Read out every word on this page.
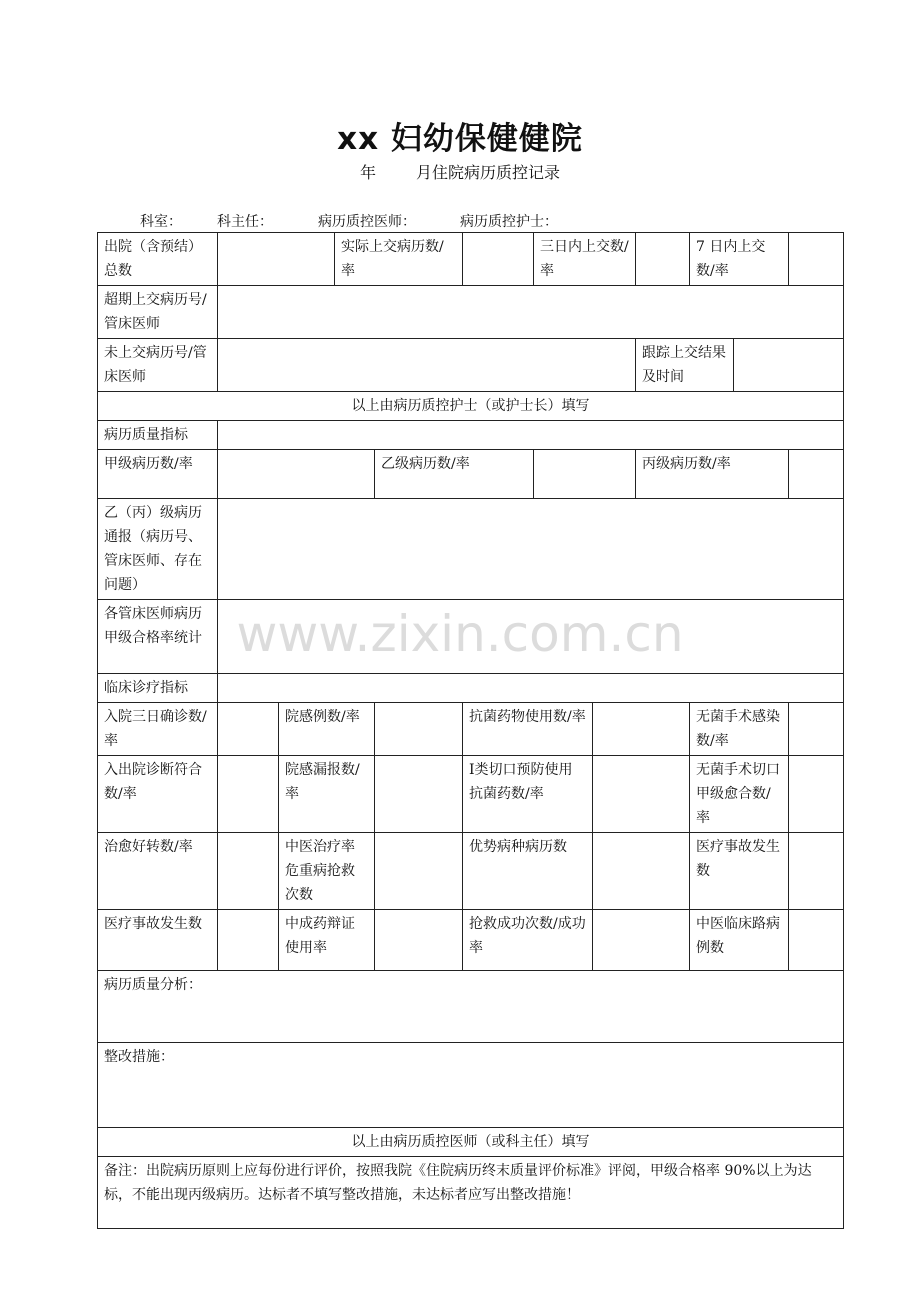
xx 妇幼保健健院
年	月住院病历质控记录
科室：	科主任：	病历质控医师：	病历质控护士：
出院（含预结）总数			实际上交病历数/率			三日内上交数/率			7 日内上交数/率		
超期上交病历号/管床医师											
未上交病历号/管床医师								跟踪上交结果及时间			
以上由病历质控护士（或护士长）填写											
病历质量指标											
甲级病历数/率				乙级病历数/率				丙级病历数/率			
乙（丙）级病历通报（病历号、管床医师、存在问题）											
各管床医师病历甲级合格率统计											
临床诊疗指标											
入院三日确诊数/率		院感例数/率			抗菌药物使用数/率				无菌手术感染数/率		
入出院诊断符合数/率		院感漏报数/率			Ⅰ类切口预防使用抗菌药数/率				无菌手术切口甲级愈合数/率		
治愈好转数/率		中医治疗率 危重病抢救次数			优势病种病历数				医疗事故发生数		
医疗事故发生数		中成药辩证使用率			抢救成功次数/成功率				中医临床路病例数		
病历质量分析：											
整改措施：											
以上由病历质控医师（或科主任）填写											
备注：出院病历原则上应每份进行评价，按照我院《住院病历终末质量评价标准》评阅，甲级合格率 90%以上为达标，不能出现丙级病历。达标者不填写整改措施，未达标者应写出整改措施！											
www.zixin.com.cn
